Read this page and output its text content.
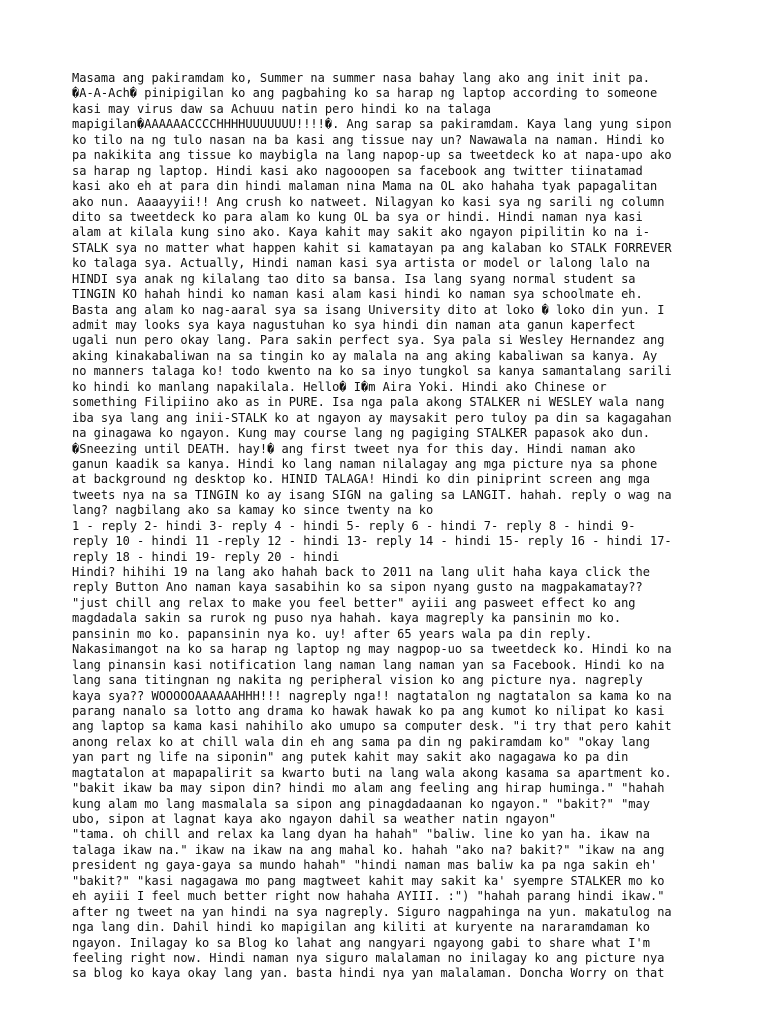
Masama ang pakiramdam ko, Summer na summer nasa bahay lang ako ang init init pa.
�A-A-Ach� pinipigilan ko ang pagbahing ko sa harap ng laptop according to someone
kasi may virus daw sa Achuuu natin pero hindi ko na talaga
mapigilan�AAAAAACCCCHHHHUUUUUUU!!!!�. Ang sarap sa pakiramdam. Kaya lang yung sipon
ko tilo na ng tulo nasan na ba kasi ang tissue nay un? Nawawala na naman. Hindi ko
pa nakikita ang tissue ko maybigla na lang napop-up sa tweetdeck ko at napa-upo ako
sa harap ng laptop. Hindi kasi ako nagooopen sa facebook ang twitter tiinatamad
kasi ako eh at para din hindi malaman nina Mama na OL ako hahaha tyak papagalitan
ako nun. Aaaayyii!! Ang crush ko natweet. Nilagyan ko kasi sya ng sarili ng column
dito sa tweetdeck ko para alam ko kung OL ba sya or hindi. Hindi naman nya kasi
alam at kilala kung sino ako. Kaya kahit may sakit ako ngayon pipilitin ko na i-
STALK sya no matter what happen kahit si kamatayan pa ang kalaban ko STALK FORREVER
ko talaga sya. Actually, Hindi naman kasi sya artista or model or lalong lalo na
HINDI sya anak ng kilalang tao dito sa bansa. Isa lang syang normal student sa
TINGIN KO hahah hindi ko naman kasi alam kasi hindi ko naman sya schoolmate eh.
Basta ang alam ko nag-aaral sya sa isang University dito at loko � loko din yun. I
admit may looks sya kaya nagustuhan ko sya hindi din naman ata ganun kaperfect
ugali nun pero okay lang. Para sakin perfect sya. Sya pala si Wesley Hernandez ang
aking kinakabaliwan na sa tingin ko ay malala na ang aking kabaliwan sa kanya. Ay
no manners talaga ko! todo kwento na ko sa inyo tungkol sa kanya samantalang sarili
ko hindi ko manlang napakilala. Hello� I�m Aira Yoki. Hindi ako Chinese or
something Filipiino ako as in PURE. Isa nga pala akong STALKER ni WESLEY wala nang
iba sya lang ang inii-STALK ko at ngayon ay maysakit pero tuloy pa din sa kagagahan
na ginagawa ko ngayon. Kung may course lang ng pagiging STALKER papasok ako dun.
�Sneezing until DEATH. hay!� ang first tweet nya for this day. Hindi naman ako
ganun kaadik sa kanya. Hindi ko lang naman nilalagay ang mga picture nya sa phone
at background ng desktop ko. HINID TALAGA! Hindi ko din piniprint screen ang mga
tweets nya na sa TINGIN ko ay isang SIGN na galing sa LANGIT. hahah. reply o wag na
lang? nagbilang ako sa kamay ko since twenty na ko
1 - reply 2- hindi 3- reply 4 - hindi 5- reply 6 - hindi 7- reply 8 - hindi 9-
reply 10 - hindi 11 -reply 12 - hindi 13- reply 14 - hindi 15- reply 16 - hindi 17-
reply 18 - hindi 19- reply 20 - hindi
Hindi? hihihi 19 na lang ako hahah back to 2011 na lang ulit haha kaya click the
reply Button Ano naman kaya sasabihin ko sa sipon nyang gusto na magpakamatay??
"just chill ang relax to make you feel better" ayiii ang pasweet effect ko ang
magdadala sakin sa rurok ng puso nya hahah. kaya magreply ka pansinin mo ko.
pansinin mo ko. papansinin nya ko. uy! after 65 years wala pa din reply.
Nakasimangot na ko sa harap ng laptop ng may nagpop-uo sa tweetdeck ko. Hindi ko na
lang pinansin kasi notification lang naman lang naman yan sa Facebook. Hindi ko na
lang sana titingnan ng nakita ng peripheral vision ko ang picture nya. nagreply
kaya sya?? WOOOOOAAAAAAHHH!!! nagreply nga!! nagtatalon ng nagtatalon sa kama ko na
parang nanalo sa lotto ang drama ko hawak hawak ko pa ang kumot ko nilipat ko kasi
ang laptop sa kama kasi nahihilo ako umupo sa computer desk. "i try that pero kahit
anong relax ko at chill wala din eh ang sama pa din ng pakiramdam ko" "okay lang
yan part ng life na siponin" ang putek kahit may sakit ako nagagawa ko pa din
magtatalon at mapapalirit sa kwarto buti na lang wala akong kasama sa apartment ko.
"bakit ikaw ba may sipon din? hindi mo alam ang feeling ang hirap huminga." "hahah
kung alam mo lang masmalala sa sipon ang pinagdadaanan ko ngayon." "bakit?" "may
ubo, sipon at lagnat kaya ako ngayon dahil sa weather natin ngayon"
"tama. oh chill and relax ka lang dyan ha hahah" "baliw. line ko yan ha. ikaw na
talaga ikaw na." ikaw na ikaw na ang mahal ko. hahah "ako na? bakit?" "ikaw na ang
president ng gaya-gaya sa mundo hahah" "hindi naman mas baliw ka pa nga sakin eh'
"bakit?" "kasi nagagawa mo pang magtweet kahit may sakit ka' syempre STALKER mo ko
eh ayiii I feel much better right now hahaha AYIII. :") "hahah parang hindi ikaw."
after ng tweet na yan hindi na sya nagreply. Siguro nagpahinga na yun. makatulog na
nga lang din. Dahil hindi ko mapigilan ang kiliti at kuryente na nararamdaman ko
ngayon. Inilagay ko sa Blog ko lahat ang nangyari ngayong gabi to share what I'm
feeling right now. Hindi naman nya siguro malalaman no inilagay ko ang picture nya
sa blog ko kaya okay lang yan. basta hindi nya yan malalaman. Doncha Worry on that
